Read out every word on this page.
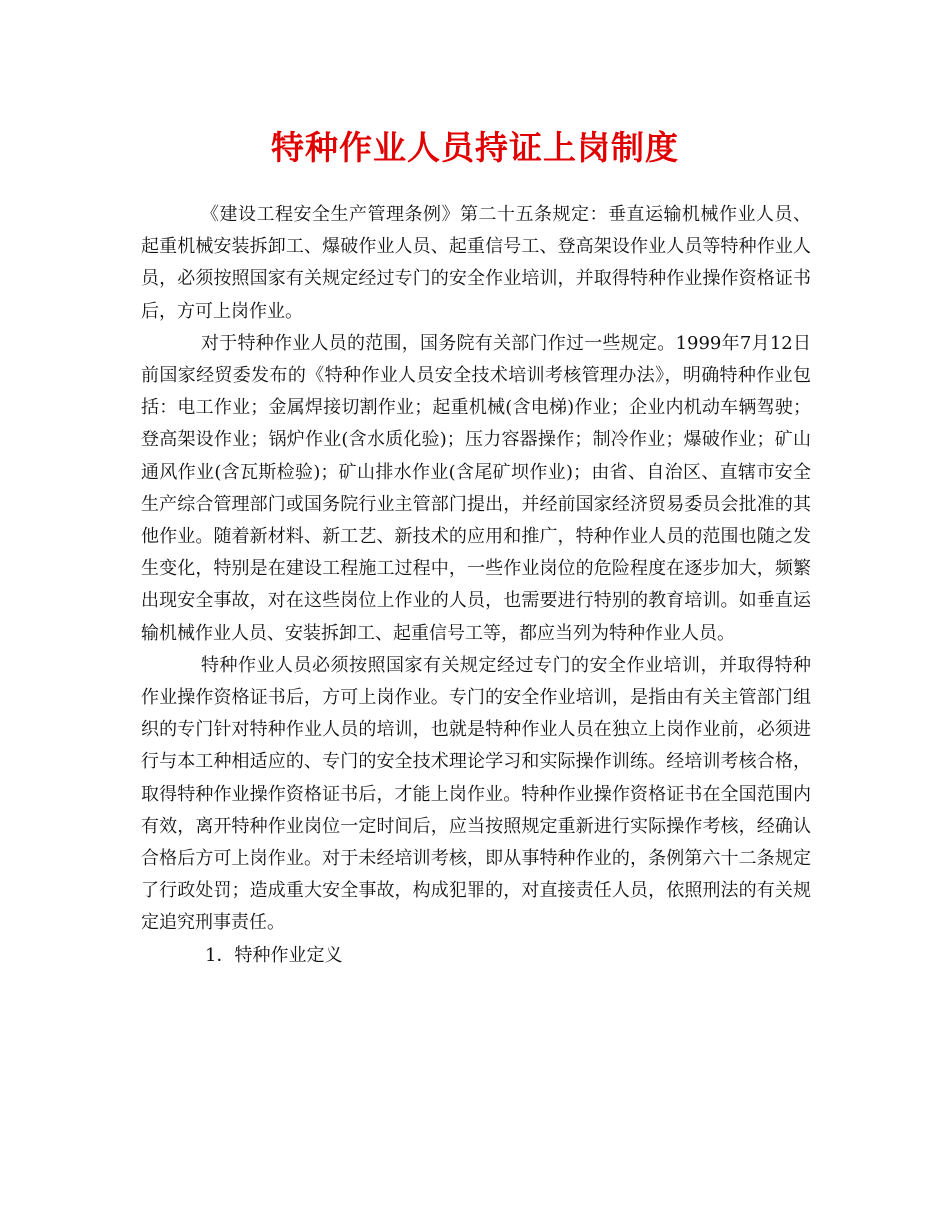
特种作业人员持证上岗制度

《建设工程安全生产管理条例》第二十五条规定：垂直运输机械作业人员、起重机械安装拆卸工、爆破作业人员、起重信号工、登高架设作业人员等特种作业人员，必须按照国家有关规定经过专门的安全作业培训，并取得特种作业操作资格证书后，方可上岗作业。

对于特种作业人员的范围，国务院有关部门作过一些规定。1999年7月12日前国家经贸委发布的《特种作业人员安全技术培训考核管理办法》，明确特种作业包括：电工作业；金属焊接切割作业；起重机械(含电梯)作业；企业内机动车辆驾驶；登高架设作业；锅炉作业(含水质化验)；压力容器操作；制冷作业；爆破作业；矿山通风作业(含瓦斯检验)；矿山排水作业(含尾矿坝作业)；由省、自治区、直辖市安全生产综合管理部门或国务院行业主管部门提出，并经前国家经济贸易委员会批准的其他作业。随着新材料、新工艺、新技术的应用和推广，特种作业人员的范围也随之发生变化，特别是在建设工程施工过程中，一些作业岗位的危险程度在逐步加大，频繁出现安全事故，对在这些岗位上作业的人员，也需要进行特别的教育培训。如垂直运输机械作业人员、安装拆卸工、起重信号工等，都应当列为特种作业人员。

特种作业人员必须按照国家有关规定经过专门的安全作业培训，并取得特种作业操作资格证书后，方可上岗作业。专门的安全作业培训，是指由有关主管部门组织的专门针对特种作业人员的培训，也就是特种作业人员在独立上岗作业前，必须进行与本工种相适应的、专门的安全技术理论学习和实际操作训练。经培训考核合格，取得特种作业操作资格证书后，才能上岗作业。特种作业操作资格证书在全国范围内有效，离开特种作业岗位一定时间后，应当按照规定重新进行实际操作考核，经确认合格后方可上岗作业。对于未经培训考核，即从事特种作业的，条例第六十二条规定了行政处罚；造成重大安全事故，构成犯罪的，对直接责任人员，依照刑法的有关规定追究刑事责任。

1．特种作业定义
